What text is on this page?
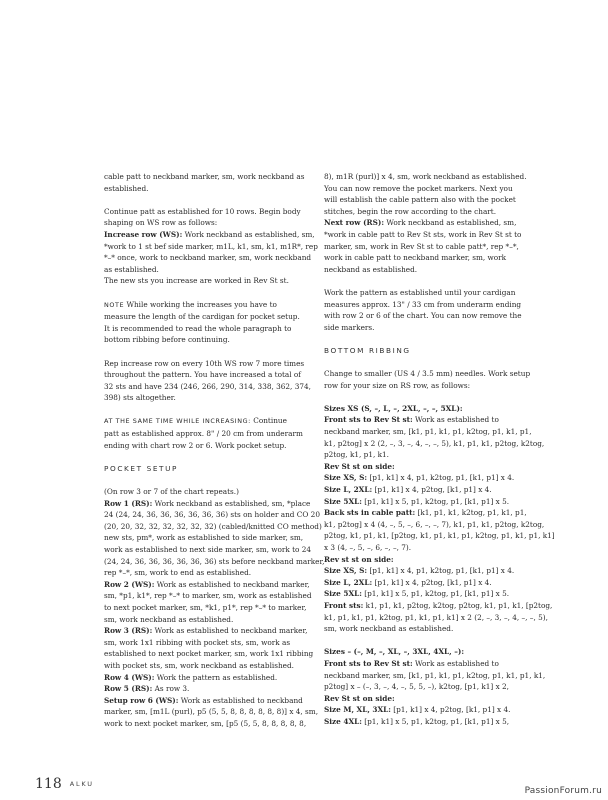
cable patt to neckband marker, sm, work neckband as
established.
Continue patt as established for 10 rows. Begin body
shaping on WS row as follows:
Increase row (WS): Work neckband as established, sm,
*work to 1 st bef side marker, m1L, k1, sm, k1, m1R*, rep
*–* once, work to neckband marker, sm, work neckband
as established.
The new sts you increase are worked in Rev St st.
NOTE While working the increases you have to
measure the length of the cardigan for pocket setup.
It is recommended to read the whole paragraph to
bottom ribbing before continuing.
Rep increase row on every 10th WS row 7 more times
throughout the pattern. You have increased a total of
32 sts and have 234 (246, 266, 290, 314, 338, 362, 374,
398) sts altogether.
AT THE SAME TIME WHILE INCREASING: Continue
patt as established approx. 8" / 20 cm from underarm
ending with chart row 2 or 6. Work pocket setup.
POCKET SETUP
(On row 3 or 7 of the chart repeats.)
Row 1 (RS): Work neckband as established, sm, *place
24 (24, 24, 36, 36, 36, 36, 36, 36) sts on holder and CO 20
(20, 20, 32, 32, 32, 32, 32, 32) (cabled/knitted CO method)
new sts, pm*, work as established to side marker, sm,
work as established to next side marker, sm, work to 24
(24, 24, 36, 36, 36, 36, 36, 36) sts before neckband marker,
rep *–*, sm, work to end as established.
Row 2 (WS): Work as established to neckband marker,
sm, *p1, k1*, rep *–* to marker, sm, work as established
to next pocket marker, sm, *k1, p1*, rep *–* to marker,
sm, work neckband as established.
Row 3 (RS): Work as established to neckband marker,
sm, work 1x1 ribbing with pocket sts, sm, work as
established to next pocket marker, sm, work 1x1 ribbing
with pocket sts, sm, work neckband as established.
Row 4 (WS): Work the pattern as established.
Row 5 (RS): As row 3.
Setup row 6 (WS): Work as established to neckband
marker, sm, [m1L (purl), p5 (5, 5, 8, 8, 8, 8, 8, 8)] x 4, sm,
work to next pocket marker, sm, [p5 (5, 5, 8, 8, 8, 8, 8,
8), m1R (purl)] x 4, sm, work neckband as established.
You can now remove the pocket markers. Next you
will establish the cable pattern also with the pocket
stitches, begin the row according to the chart.
Next row (RS): Work neckband as established, sm,
*work in cable patt to Rev St sts, work in Rev St st to
marker, sm, work in Rev St st to cable patt*, rep *–*,
work in cable patt to neckband marker, sm, work
neckband as established.
Work the pattern as established until your cardigan
measures approx. 13" / 33 cm from underarm ending
with row 2 or 6 of the chart. You can now remove the
side markers.
BOTTOM RIBBING
Change to smaller (US 4 / 3.5 mm) needles. Work setup
row for your size on RS row, as follows:
Sizes XS (S, –, L, –, 2XL, –, –, 5XL):
Front sts to Rev St st: Work as established to
neckband marker, sm, [k1, p1, k1, p1, k2tog, p1, k1, p1,
k1, p2tog] x 2 (2, –, 3, –, 4, –, –, 5), k1, p1, k1, p2tog, k2tog,
p2tog, k1, p1, k1.
Rev St st on side:
Size XS, S: [p1, k1] x 4, p1, k2tog, p1, [k1, p1] x 4.
Size L, 2XL: [p1, k1] x 4, p2tog, [k1, p1] x 4.
Size 5XL: [p1, k1] x 5, p1, k2tog, p1, [k1, p1] x 5.
Back sts in cable patt: [k1, p1, k1, k2tog, p1, k1, p1,
k1, p2tog] x 4 (4, –, 5, –, 6, –, –, 7), k1, p1, k1, p2tog, k2tog,
p2tog, k1, p1, k1, [p2tog, k1, p1, k1, p1, k2tog, p1, k1, p1, k1]
x 3 (4, –, 5, –, 6, –, –, 7).
Rev st st on side:
Size XS, S: [p1, k1] x 4, p1, k2tog, p1, [k1, p1] x 4.
Size L, 2XL: [p1, k1] x 4, p2tog, [k1, p1] x 4.
Size 5XL: [p1, k1] x 5, p1, k2tog, p1, [k1, p1] x 5.
Front sts: k1, p1, k1, p2tog, k2tog, p2tog, k1, p1, k1, [p2tog,
k1, p1, k1, p1, k2tog, p1, k1, p1, k1] x 2 (2, –, 3, –, 4, –, –, 5),
sm, work neckband as established.
Sizes – (–, M, –, XL, –, 3XL, 4XL, –):
Front sts to Rev St st: Work as established to
neckband marker, sm, [k1, p1, k1, p1, k2tog, p1, k1, p1, k1,
p2tog] x – (–, 3, –, 4, –, 5, 5, –), k2tog, [p1, k1] x 2,
Rev St st on side:
Size M, XL, 3XL: [p1, k1] x 4, p2tog, [k1, p1] x 4.
Size 4XL: [p1, k1] x 5, p1, k2tog, p1, [k1, p1] x 5,
118 ALKU
PassionForum.ru
